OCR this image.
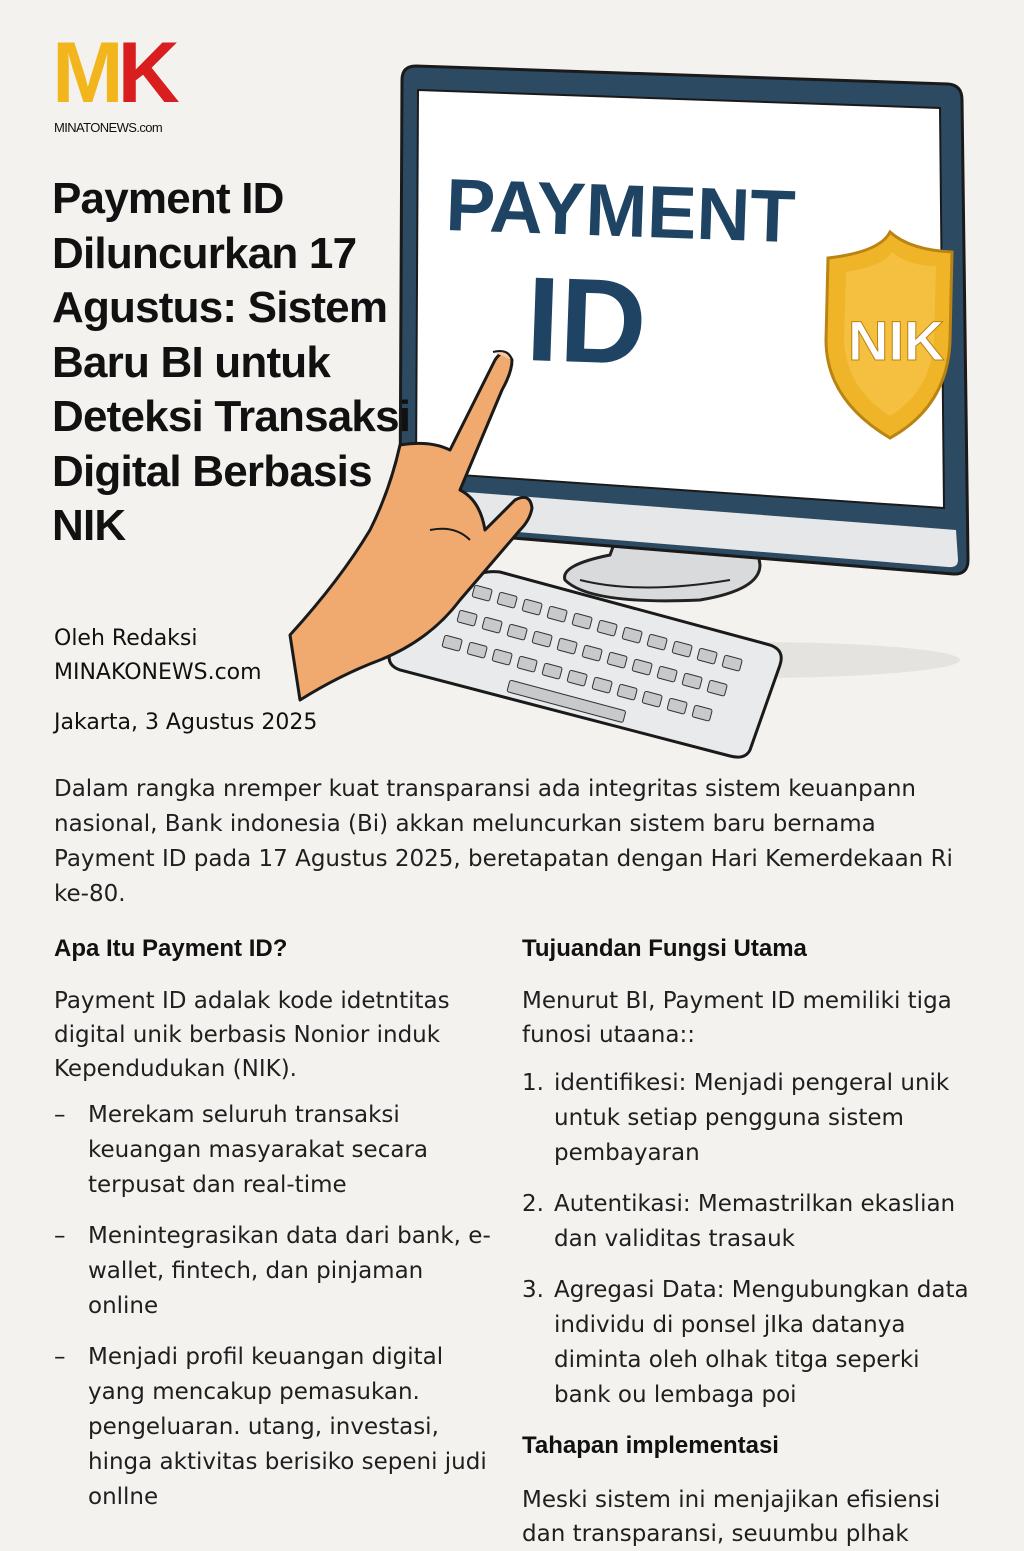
MK
MINATONEWS.com
PAYMENT
ID	NIK
Payment ID Diluncurkan 17 Agustus: Sistem Baru BI untuk Deteksi Transaksi Digital Berbasis NIK
Oleh Redaksi
MINAKONEWS.com
Jakarta, 3 Agustus 2025

Dalam rangka nremper kuat transparansi ada integritas sistem keuanpann nasional, Bank indonesia (Bi) akkan meluncurkan sistem baru bernama Payment ID pada 17 Agustus 2025, beretapatan dengan Hari Kemerdekaan Ri ke-80.

Apa Itu Payment ID?

Payment ID adalak kode idetntitas digital unik berbasis Nonior induk Kependudukan (NIK).

– Merekam seluruh transaksi keuangan masyarakat secara terpusat dan real-time
– Menintegrasikan data dari bank, e-wallet, fintech, dan pinjaman online
– Menjadi profil keuangan digital yang mencakup pemasukan. pengeluaran. utang, investasi, hinga aktivitas berisiko sepeni judi onllne
Tujuandan Fungsi Utama

Menurut BI, Payment ID memiliki tiga funosi utaana::

1. identifikesi: Menjadi pengeral unik untuk setiap pengguna sistem pembayaran
2. Autentikasi: Memastrilkan ekaslian dan validitas trasauk
3. Agregasi Data: Mengubungkan data individu di ponsel jIka datanya diminta oleh olhak titga seperki bank ou lembaga poi
Tahapan implementasi

Meski sistem ini menjajikan efisiensi dan transparansi, seuumbu plhak
